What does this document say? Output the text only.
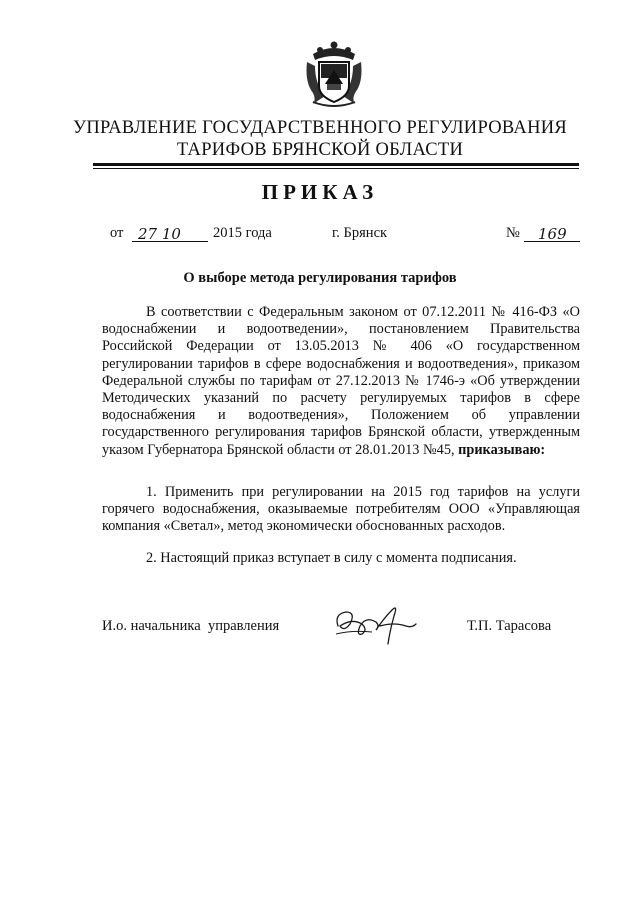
УПРАВЛЕНИЕ ГОСУДАРСТВЕННОГО РЕГУЛИРОВАНИЯ
ТАРИФОВ БРЯНСКОЙ ОБЛАСТИ
ПРИКАЗ
от 27 10 2015 года	г. Брянск	№ 169
О выборе метода регулирования тарифов
В соответствии с Федеральным законом от 07.12.2011 № 416-ФЗ «О водоснабжении и водоотведении», постановлением Правительства Российской Федерации от 13.05.2013 № 406 «О государственном регулировании тарифов в сфере водоснабжения и водоотведения», приказом Федеральной службы по тарифам от 27.12.2013 № 1746-э «Об утверждении Методических указаний по расчету регулируемых тарифов в сфере водоснабжения и водоотведения», Положением об управлении государственного регулирования тарифов Брянской области, утвержденным указом Губернатора Брянской области от 28.01.2013 №45, приказываю:
1. Применить при регулировании на 2015 год тарифов на услуги горячего водоснабжения, оказываемые потребителям ООО «Управляющая компания «Светал», метод экономически обоснованных расходов.
2. Настоящий приказ вступает в силу с момента подписания.
И.о. начальника  управления	Т.П. Тарасова
